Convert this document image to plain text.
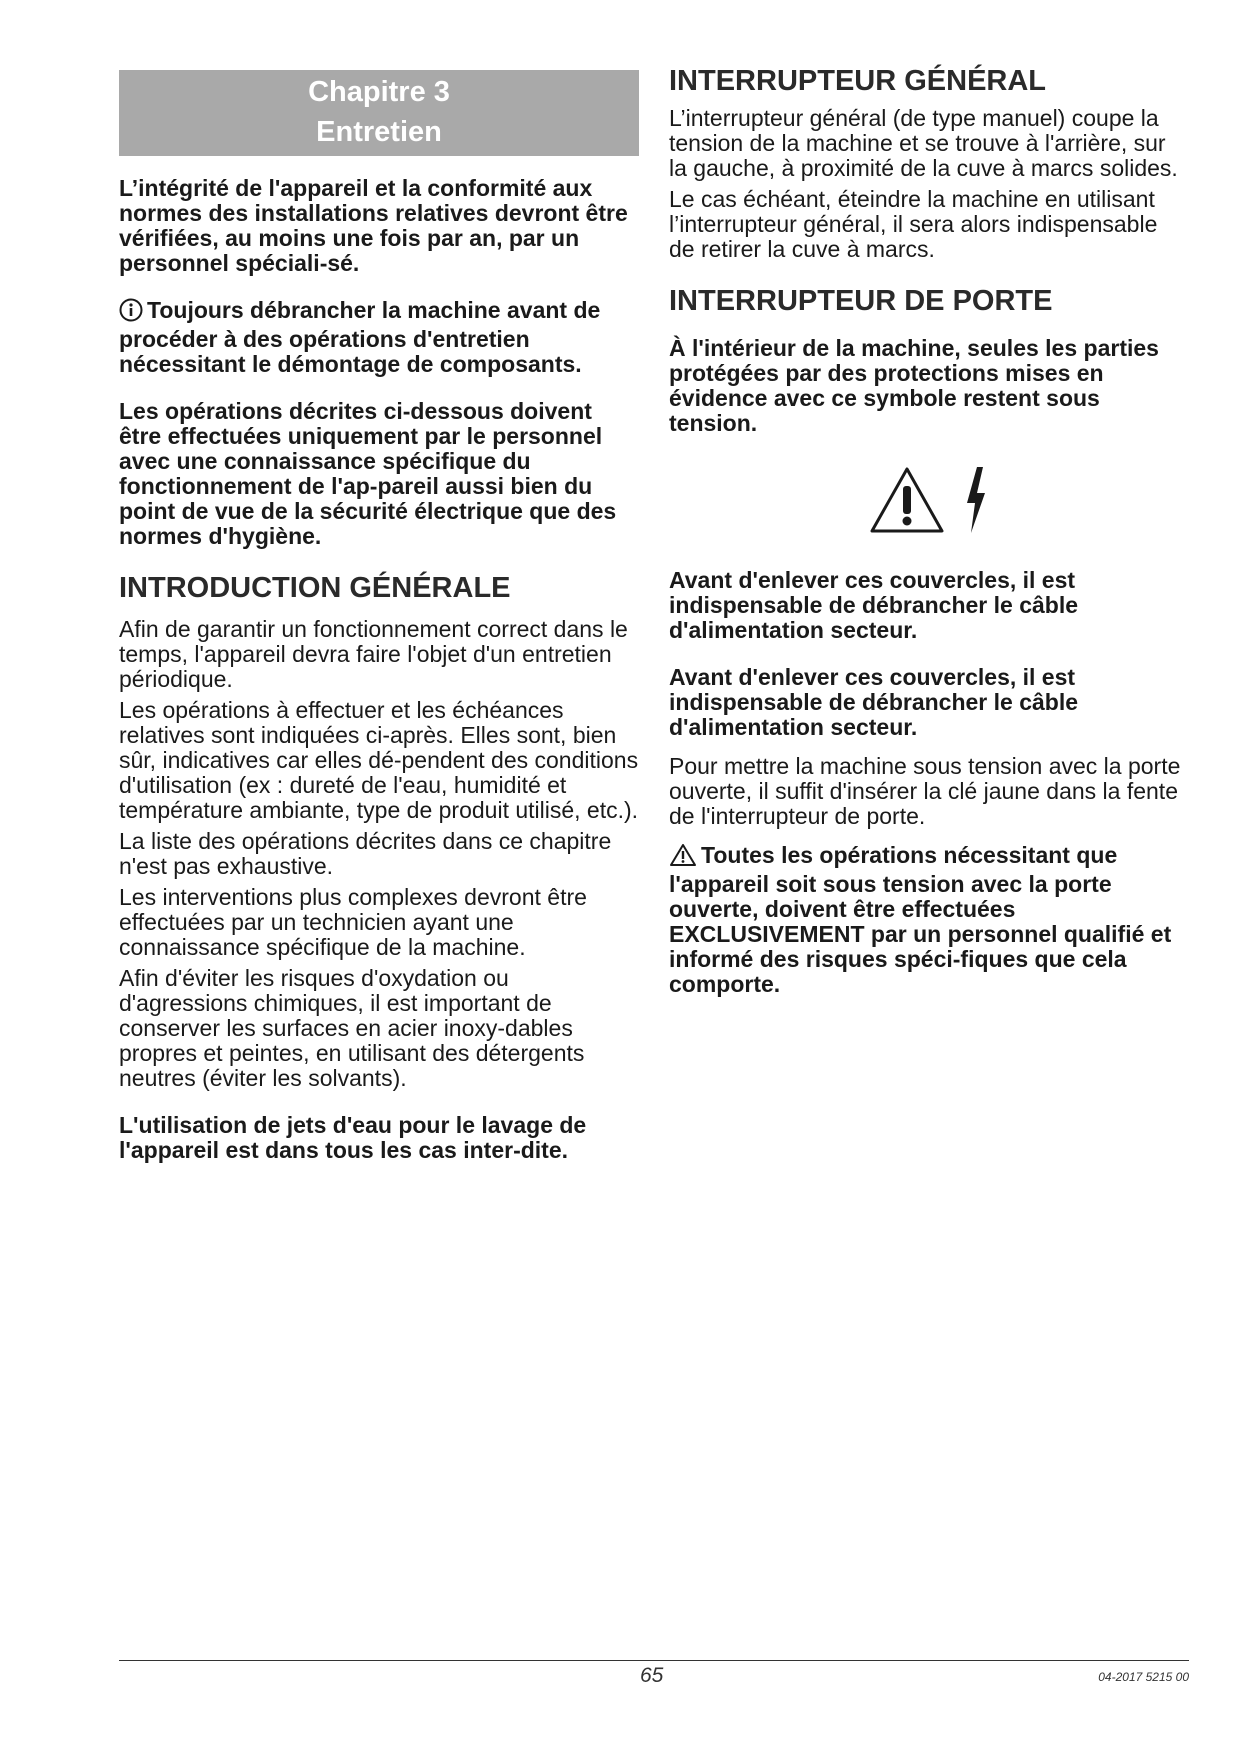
Chapitre 3
Entretien

L’intégrité de l'appareil et la conformité aux normes des installations relatives devront être vérifiées, au moins une fois par an, par un personnel spéciali-sé.

Toujours débrancher la machine avant de procéder à des opérations d'entretien nécessitant le démontage de composants.

Les opérations décrites ci-dessous doivent être effectuées uniquement par le personnel avec une connaissance spécifique du fonctionnement de l'ap-pareil aussi bien du point de vue de la sécurité électrique que des normes d'hygiène.

INTRODUCTION GÉNÉRALE

Afin de garantir un fonctionnement correct dans le temps, l'appareil devra faire l'objet d'un entretien périodique.

Les opérations à effectuer et les échéances relatives sont indiquées ci-après. Elles sont, bien sûr, indicatives car elles dé-pendent des conditions d'utilisation (ex : dureté de l'eau, humidité et température ambiante, type de produit utilisé, etc.).

La liste des opérations décrites dans ce chapitre n'est pas exhaustive.

Les interventions plus complexes devront être effectuées par un technicien ayant une connaissance spécifique de la machine.

Afin d'éviter les risques d'oxydation ou d'agressions chimiques, il est important de conserver les surfaces en acier inoxy-dables propres et peintes, en utilisant des détergents neutres (éviter les solvants).

L'utilisation de jets d'eau pour le lavage de l'appareil est dans tous les cas inter-dite.

INTERRUPTEUR GÉNÉRAL

L’interrupteur général (de type manuel) coupe la tension de la machine et se trouve à l'arrière, sur la gauche, à proximité de la cuve à marcs solides.

Le cas échéant, éteindre la machine en utilisant l’interrupteur général, il sera alors indispensable de retirer la cuve à marcs.

INTERRUPTEUR DE PORTE

À l'intérieur de la machine, seules les parties protégées par des protections mises en évidence avec ce symbole restent sous tension.

Avant d'enlever ces couvercles, il est indispensable de débrancher le câble d'alimentation secteur.

Avant d'enlever ces couvercles, il est indispensable de débrancher le câble d'alimentation secteur.

Pour mettre la machine sous tension avec la porte ouverte, il suffit d'insérer la clé jaune dans la fente de l'interrupteur de porte.

Toutes les opérations nécessitant que l'appareil soit sous tension avec la porte ouverte, doivent être effectuées EXCLUSIVEMENT par un personnel qualifié et informé des risques spéci-fiques que cela comporte.

65	04-2017 5215 00
